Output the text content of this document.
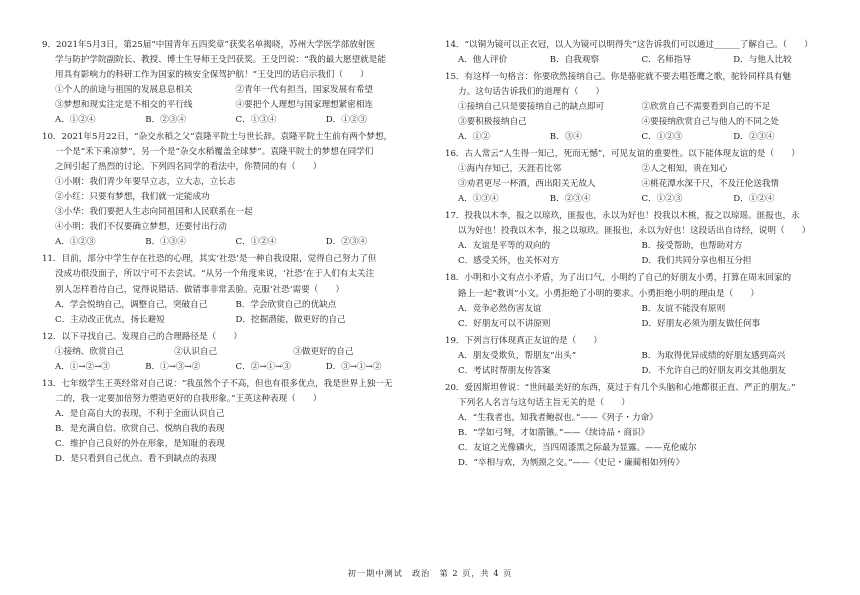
9．2021年5月3日，第25届“中国青年五四奖章”获奖名单揭晓，苏州大学医学部放射医

学与防护学院副院长、教授、博士生导师王殳凹获奖。王殳凹说：“我的最大愿望就是能

用具有影响力的科研工作为国家的核安全保驾护航！”王殳凹的话启示我们（　　）

①个人的前途与祖国的发展息息相关	②青年一代有担当，国家发展有希望
③梦想和现实注定是不相交的平行线	④要把个人理想与国家理想紧密相连
A．①②④	B．②③④	C．①③④	D．①②③

10．2021年5月22日，“杂交水稻之父”袁隆平院士与世长辞。袁隆平院士生前有两个梦想，

一个是“禾下乘凉梦”，另一个是“杂交水稻覆盖全球梦”。袁隆平院士的梦想在同学们

之间引起了热烈的讨论。下列四名同学的看法中，你赞同的有（　　）

①小刚：我们青少年要早立志，立大志，立长志

②小红：只要有梦想，我们就一定能成功

③小华：我们要把人生志向同祖国和人民联系在一起

④小明：我们不仅要确立梦想，还要付出行动

A．①②③	B．①③④	C．①②④	D．②③④

11．目前，部分中学生存在社恐的心理，其实‘社恐’是一种自我设限，觉得自己努力了但

没成功很没面子，所以宁可不去尝试。“从另一个角度来说，‘社恐’在于人们有太关注

别人怎样看待自己，觉得说错话、做错事非常丢脸。克服‘社恐’需要（　　）

A．学会悦纳自己，调整自己，突破自己	B．学会欣赏自己的优缺点
C．主动改正优点，扬长避短	D．挖掘潜能，做更好的自己

12．以下寻找自己、发现自己的合理路径是（　　）

①接纳、欣赏自己	②认识自己	③做更好的自己
A．①→②→③	B．①→③→②	C．②→①→③	D．③→①→②

13．七年级学生王英经常对自己说：“我虽然个子不高，但也有很多优点，我是世界上独一无

二的，我一定要加倍努力塑造更好的自我形象。”王英这种表现（　　）

A．是自高自大的表现，不利于全面认识自己

B．是充满自信、欣赏自己、悦纳自我的表现

C．维护自己良好的外在形象，是知耻的表现

D．是只看到自己优点、看不到缺点的表现

14．“以铜为镜可以正衣冠，以人为镜可以明得失”这告诉我们可以通过______了解自己。（　　）

A．他人评价	B．自我观察	C．名师指导	D．与他人比较

15．有这样一句格言：你要欣然接纳自己。你是骆驼就不要去唱苍鹰之歌，驼铃同样具有魅

力。这句话告诉我们的道理有（　　）

①接纳自己只是要接纳自己的缺点即可	②欣赏自己不需要看到自己的不足
③要积极接纳自己	④要接纳欣赏自己与他人的不同之处
A．①②	B．③④	C．①②③	D．②③④

16．古人常云“人生得一知己，死而无憾”，可见友谊的重要性。以下能体现友谊的是（　　）

①海内存知己，天涯若比邻	②人之相知，贵在知心
③劝君更尽一杯酒，西出阳关无故人	④桃花潭水深千尺，不及汪伦送我情
A．①③④	B．②③④	C．①②③	D．①②④

17．投我以木李，报之以琼玖，匪报也，永以为好也！投我以木桃，报之以琼瑶。匪报也，永

以为好也！投我以木李，报之以琼玖。匪报也，永以为好也！这段话出自诗经，说明（　　）

A．友谊是平等的双向的	B．接受帮助，也帮助对方
C．感受关怀，也关怀对方	D．我们共同分享也相互分担

18．小明和小文有点小矛盾，为了出口气，小明约了自己的好朋友小勇，打算在周末回家的

路上一起“教训”小文。小勇拒绝了小明的要求。小勇拒绝小明的理由是（　　）

A．竞争必然伤害友谊	B．友谊不能没有原则
C．好朋友可以不讲原则	D．好朋友必须为朋友做任何事

19．下列言行体现真正友谊的是（　　）

A．朋友受欺负，帮朋友“出头”	B．为取得优异成绩的好朋友感到高兴
C．考试时帮朋友传答案	D．不允许自己的好朋友再交其他朋友

20．爱因斯坦曾说：“世间最美好的东西，莫过于有几个头脑和心地都很正直、严正的朋友。”

下列名人名言与这句话主旨无关的是（　　）

A．“生我者也，知我者鲍叔也。”——《列子・力命》

B．“学如弓弩，才如箭镞。”——《续诗品・商识》

C．友谊之光像磷火，当四周漆黑之际最为显露。——克伦威尔

D．“卒相与欢，为刎颈之交。”——《史记・廉蔺相如列传》

初一期中测试　政治　第 2 页，共 4 页
